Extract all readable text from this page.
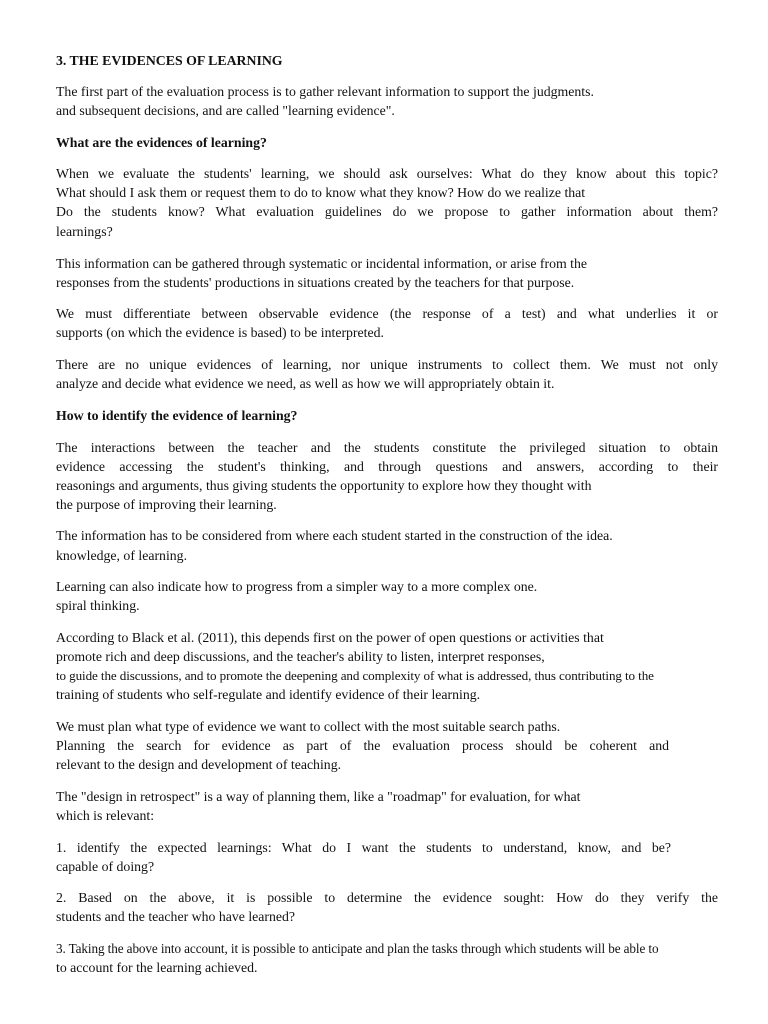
3. THE EVIDENCES OF LEARNING
The first part of the evaluation process is to gather relevant information to support the judgments.
and subsequent decisions, and are called "learning evidence".
What are the evidences of learning?
When we evaluate the students' learning, we should ask ourselves: What do they know about this topic?
What should I ask them or request them to do to know what they know? How do we realize that
Do the students know? What evaluation guidelines do we propose to gather information about them?
learnings?
This information can be gathered through systematic or incidental information, or arise from the
responses from the students' productions in situations created by the teachers for that purpose.
We must differentiate between observable evidence (the response of a test) and what underlies it or
supports (on which the evidence is based) to be interpreted.
There are no unique evidences of learning, nor unique instruments to collect them. We must not only
analyze and decide what evidence we need, as well as how we will appropriately obtain it.
How to identify the evidence of learning?
The interactions between the teacher and the students constitute the privileged situation to obtain
evidence accessing the student's thinking, and through questions and answers, according to their
reasonings and arguments, thus giving students the opportunity to explore how they thought with
the purpose of improving their learning.
The information has to be considered from where each student started in the construction of the idea.
knowledge, of learning.
Learning can also indicate how to progress from a simpler way to a more complex one.
spiral thinking.
According to Black et al. (2011), this depends first on the power of open questions or activities that
promote rich and deep discussions, and the teacher's ability to listen, interpret responses,
to guide the discussions, and to promote the deepening and complexity of what is addressed, thus contributing to the
training of students who self-regulate and identify evidence of their learning.
We must plan what type of evidence we want to collect with the most suitable search paths.
Planning the search for evidence as part of the evaluation process should be coherent and
relevant to the design and development of teaching.
The "design in retrospect" is a way of planning them, like a "roadmap" for evaluation, for what
which is relevant:
1. identify the expected learnings: What do I want the students to understand, know, and be?
capable of doing?
2. Based on the above, it is possible to determine the evidence sought: How do they verify the
students and the teacher who have learned?
3. Taking the above into account, it is possible to anticipate and plan the tasks through which students will be able to
to account for the learning achieved.
